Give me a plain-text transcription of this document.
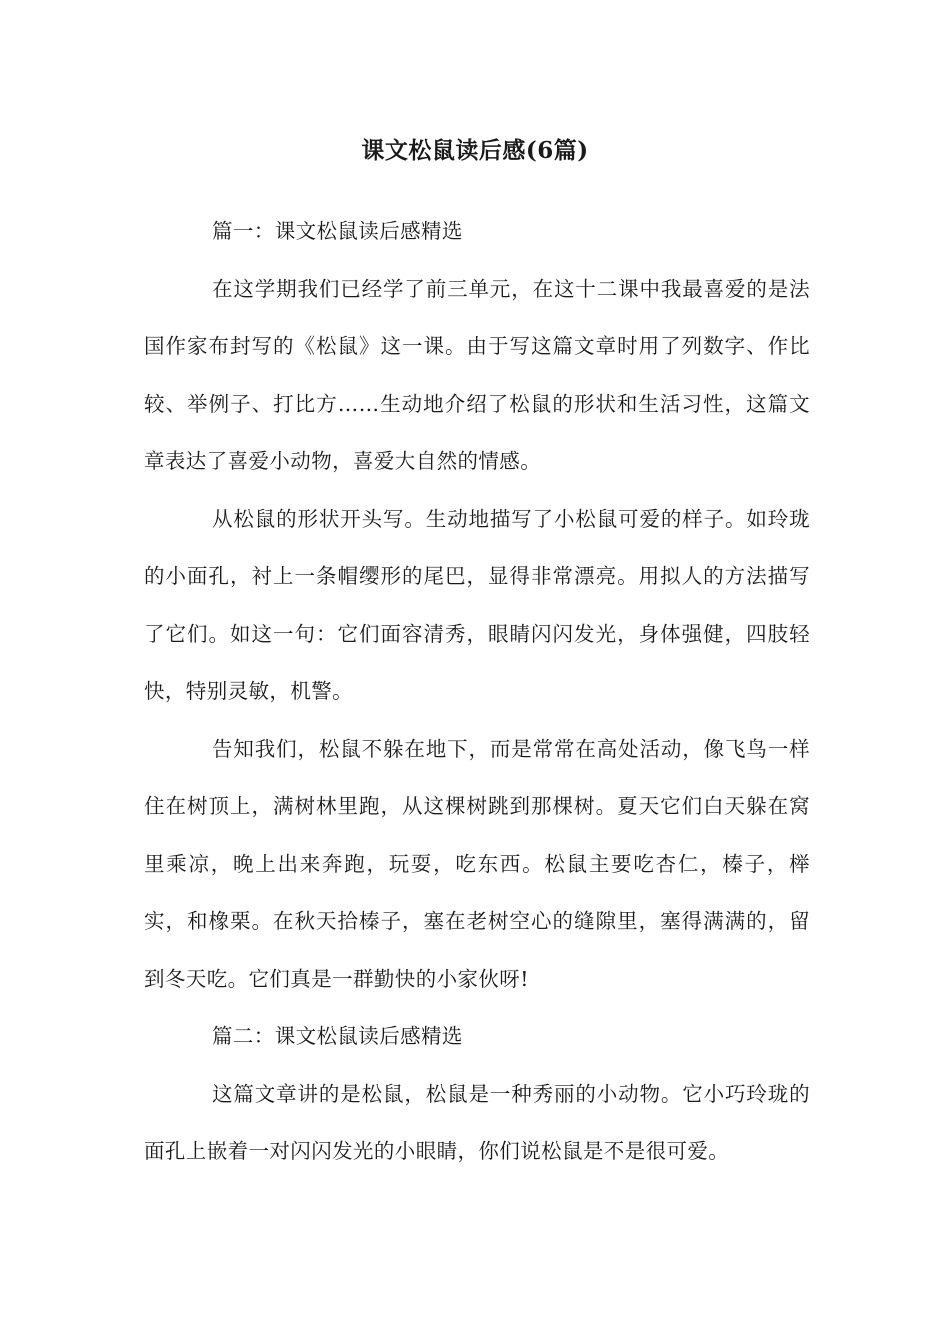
课文松鼠读后感(6篇)

篇一：课文松鼠读后感精选

在这学期我们已经学了前三单元，在这十二课中我最喜爱的是法国作家布封写的《松鼠》这一课。由于写这篇文章时用了列数字、作比较、举例子、打比方……生动地介绍了松鼠的形状和生活习性，这篇文章表达了喜爱小动物，喜爱大自然的情感。

从松鼠的形状开头写。生动地描写了小松鼠可爱的样子。如玲珑的小面孔，衬上一条帽缨形的尾巴，显得非常漂亮。用拟人的方法描写了它们。如这一句：它们面容清秀，眼睛闪闪发光，身体强健，四肢轻快，特别灵敏，机警。

告知我们，松鼠不躲在地下，而是常常在高处活动，像飞鸟一样住在树顶上，满树林里跑，从这棵树跳到那棵树。夏天它们白天躲在窝里乘凉，晚上出来奔跑，玩耍，吃东西。松鼠主要吃杏仁，榛子，榉实，和橡栗。在秋天拾榛子，塞在老树空心的缝隙里，塞得满满的，留到冬天吃。它们真是一群勤快的小家伙呀!

篇二：课文松鼠读后感精选

这篇文章讲的是松鼠，松鼠是一种秀丽的小动物。它小巧玲珑的面孔上嵌着一对闪闪发光的小眼睛，你们说松鼠是不是很可爱。
